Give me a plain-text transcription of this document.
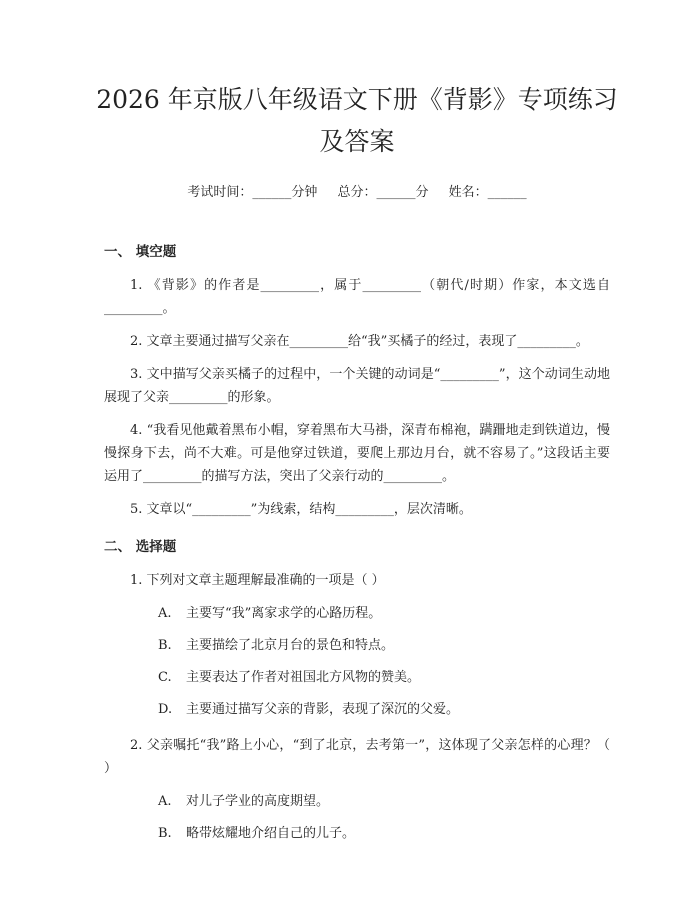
2026 年京版八年级语文下册《背影》专项练习及答案
考试时间：______分钟 总分：______分 姓名：______
一、 填空题
1. 《背影》的作者是_________，属于_________（朝代/时期）作家，本文选自_________。
2. 文章主要通过描写父亲在_________给“我”买橘子的经过，表现了_________。
3. 文中描写父亲买橘子的过程中，一个关键的动词是“_________”，这个动词生动地展现了父亲_________的形象。
4. “我看见他戴着黑布小帽，穿着黑布大马褂，深青布棉袍，蹒跚地走到铁道边，慢慢探身下去，尚不大难。可是他穿过铁道，要爬上那边月台，就不容易了。”这段话主要运用了_________的描写方法，突出了父亲行动的_________。
5. 文章以“_________”为线索，结构_________，层次清晰。
二、 选择题
1. 下列对文章主题理解最准确的一项是（ ）
A. 主要写“我”离家求学的心路历程。
B. 主要描绘了北京月台的景色和特点。
C. 主要表达了作者对祖国北方风物的赞美。
D. 主要通过描写父亲的背影，表现了深沉的父爱。
2. 父亲嘱托“我”路上小心，“到了北京，去考第一”，这体现了父亲怎样的心理？（ ）
A. 对儿子学业的高度期望。
B. 略带炫耀地介绍自己的儿子。
